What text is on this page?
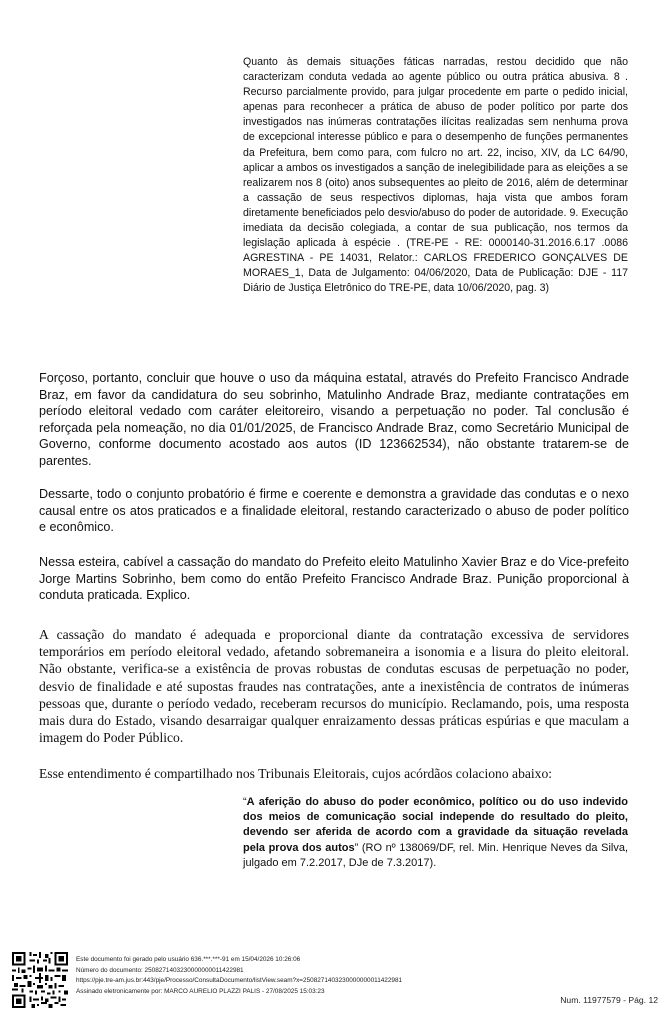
Quanto às demais situações fáticas narradas, restou decidido que não caracterizam conduta vedada ao agente público ou outra prática abusiva. 8 . Recurso parcialmente provido, para julgar procedente em parte o pedido inicial, apenas para reconhecer a prática de abuso de poder político por parte dos investigados nas inúmeras contratações ilícitas realizadas sem nenhuma prova de excepcional interesse público e para o desempenho de funções permanentes da Prefeitura, bem como para, com fulcro no art. 22, inciso, XIV, da LC 64/90, aplicar a ambos os investigados a sanção de inelegibilidade para as eleições a se realizarem nos 8 (oito) anos subsequentes ao pleito de 2016, além de determinar a cassação de seus respectivos diplomas, haja vista que ambos foram diretamente beneficiados pelo desvio/abuso do poder de autoridade. 9. Execução imediata da decisão colegiada, a contar de sua publicação, nos termos da legislação aplicada à espécie . (TRE-PE - RE: 0000140-31.2016.6.17 .0086 AGRESTINA - PE 14031, Relator.: CARLOS FREDERICO GONÇALVES DE MORAES_1, Data de Julgamento: 04/06/2020, Data de Publicação: DJE - 117 Diário de Justiça Eletrônico do TRE-PE, data 10/06/2020, pag. 3)
Forçoso, portanto, concluir que houve o uso da máquina estatal, através do Prefeito Francisco Andrade Braz, em favor da candidatura do seu sobrinho, Matulinho Andrade Braz, mediante contratações em período eleitoral vedado com caráter eleitoreiro, visando a perpetuação no poder. Tal conclusão é reforçada pela nomeação, no dia 01/01/2025, de Francisco Andrade Braz, como Secretário Municipal de Governo, conforme documento acostado aos autos (ID 123662534), não obstante tratarem-se de parentes.
Dessarte, todo o conjunto probatório é firme e coerente e demonstra a gravidade das condutas e o nexo causal entre os atos praticados e a finalidade eleitoral, restando caracterizado o abuso de poder político e econômico.
Nessa esteira, cabível a cassação do mandato do Prefeito eleito Matulinho Xavier Braz e do Vice-prefeito Jorge Martins Sobrinho, bem como do então Prefeito Francisco Andrade Braz. Punição proporcional à conduta praticada. Explico.
A cassação do mandato é adequada e proporcional diante da contratação excessiva de servidores temporários em período eleitoral vedado, afetando sobremaneira a isonomia e a lisura do pleito eleitoral. Não obstante, verifica-se a existência de provas robustas de condutas escusas de perpetuação no poder, desvio de finalidade e até supostas fraudes nas contratações, ante a inexistência de contratos de inúmeras pessoas que, durante o período vedado, receberam recursos do município. Reclamando, pois, uma resposta mais dura do Estado, visando desarraigar qualquer enraizamento dessas práticas espúrias e que maculam a imagem do Poder Público.
Esse entendimento é compartilhado nos Tribunais Eleitorais, cujos acórdãos colaciono abaixo:
“A aferição do abuso do poder econômico, político ou do uso indevido dos meios de comunicação social independe do resultado do pleito, devendo ser aferida de acordo com a gravidade da situação revelada pela prova dos autos” (RO nº 138069/DF, rel. Min. Henrique Neves da Silva, julgado em 7.2.2017, DJe de 7.3.2017).
Este documento foi gerado pelo usuário 636.***.***-91 em 15/04/2026 10:26:06
Número do documento: 25082714032300000000114229​81
https://pje.tre-am.jus.br:443/pje/Processo/ConsultaDocumento/listView.seam?x=25082714032300000000114229​81
Assinado eletronicamente por: MARCO AURELIO PLAZZI PALIS - 27/08/2025 15:03:23
Num. 11977579 - Pág. 12
